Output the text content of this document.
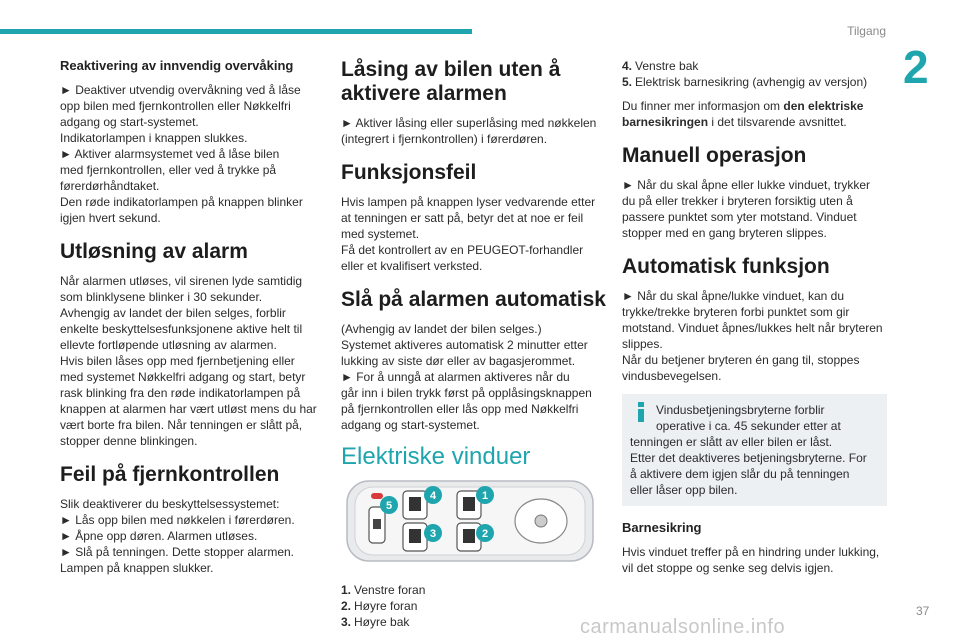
Tilgang
2
Reaktivering av innvendig overvåking

► Deaktiver utvendig overvåkning ved å låse
opp bilen med fjernkontrollen eller Nøkkelfri
adgang og start-systemet.
Indikatorlampen i knappen slukkes.
► Aktiver alarmsystemet ved å låse bilen
med fjernkontrollen, eller ved å trykke på
førerdørhåndtaket.
Den røde indikatorlampen på knappen blinker
igjen hvert sekund.

Utløsning av alarm

Når alarmen utløses, vil sirenen lyde samtidig
som blinklysene blinker i 30 sekunder.
Avhengig av landet der bilen selges, forblir
enkelte beskyttelsesfunksjonene aktive helt til
ellevte fortløpende utløsning av alarmen.
Hvis bilen låses opp med fjernbetjening eller
med systemet Nøkkelfri adgang og start, betyr
rask blinking fra den røde indikatorlampen på
knappen at alarmen har vært utløst mens du har
vært borte fra bilen. Når tenningen er slått på,
stopper denne blinkingen.

Feil på fjernkontrollen

Slik deaktiverer du beskyttelsessystemet:
► Lås opp bilen med nøkkelen i førerdøren.
► Åpne opp døren. Alarmen utløses.
► Slå på tenningen. Dette stopper alarmen.
Lampen på knappen slukker.

Låsing av bilen uten å aktivere alarmen

► Aktiver låsing eller superlåsing med nøkkelen
(integrert i fjernkontrollen) i førerdøren.

Funksjonsfeil

Hvis lampen på knappen lyser vedvarende etter
at tenningen er satt på, betyr det at noe er feil
med systemet.
Få det kontrollert av en PEUGEOT-forhandler
eller et kvalifisert verksted.

Slå på alarmen automatisk

(Avhengig av landet der bilen selges.)
Systemet aktiveres automatisk 2 minutter etter
lukking av siste dør eller av bagasjerommet.
► For å unngå at alarmen aktiveres når du
går inn i bilen trykk først på opplåsingsknappen
på fjernkontrollen eller lås opp med Nøkkelfri
adgang og start-systemet.

Elektriske vinduer
1
2
3
4
5
1. Venstre foran
2. Høyre foran
3. Høyre bak
4. Venstre bak
5. Elektrisk barnesikring (avhengig av versjon)

Du finner mer informasjon om den elektriske barnesikringen i det tilsvarende avsnittet.

Manuell operasjon

► Når du skal åpne eller lukke vinduet, trykker
du på eller trekker i bryteren forsiktig uten å
passere punktet som yter motstand. Vinduet
stopper med en gang bryteren slippes.

Automatisk funksjon

► Når du skal åpne/lukke vinduet, kan du
trykke/trekke bryteren forbi punktet som gir
motstand. Vinduet åpnes/lukkes helt når bryteren
slippes.
Når du betjener bryteren én gang til, stoppes
vindusbevegelsen.

Vindusbetjeningsbryterne forblir
operative i ca. 45 sekunder etter at
tenningen er slått av eller bilen er låst.
Etter det deaktiveres betjeningsbryterne. For
å aktivere dem igjen slår du på tenningen
eller låser opp bilen.
Barnesikring

Hvis vinduet treffer på en hindring under lukking,
vil det stoppe og senke seg delvis igjen.

37
carmanualsonline.info
